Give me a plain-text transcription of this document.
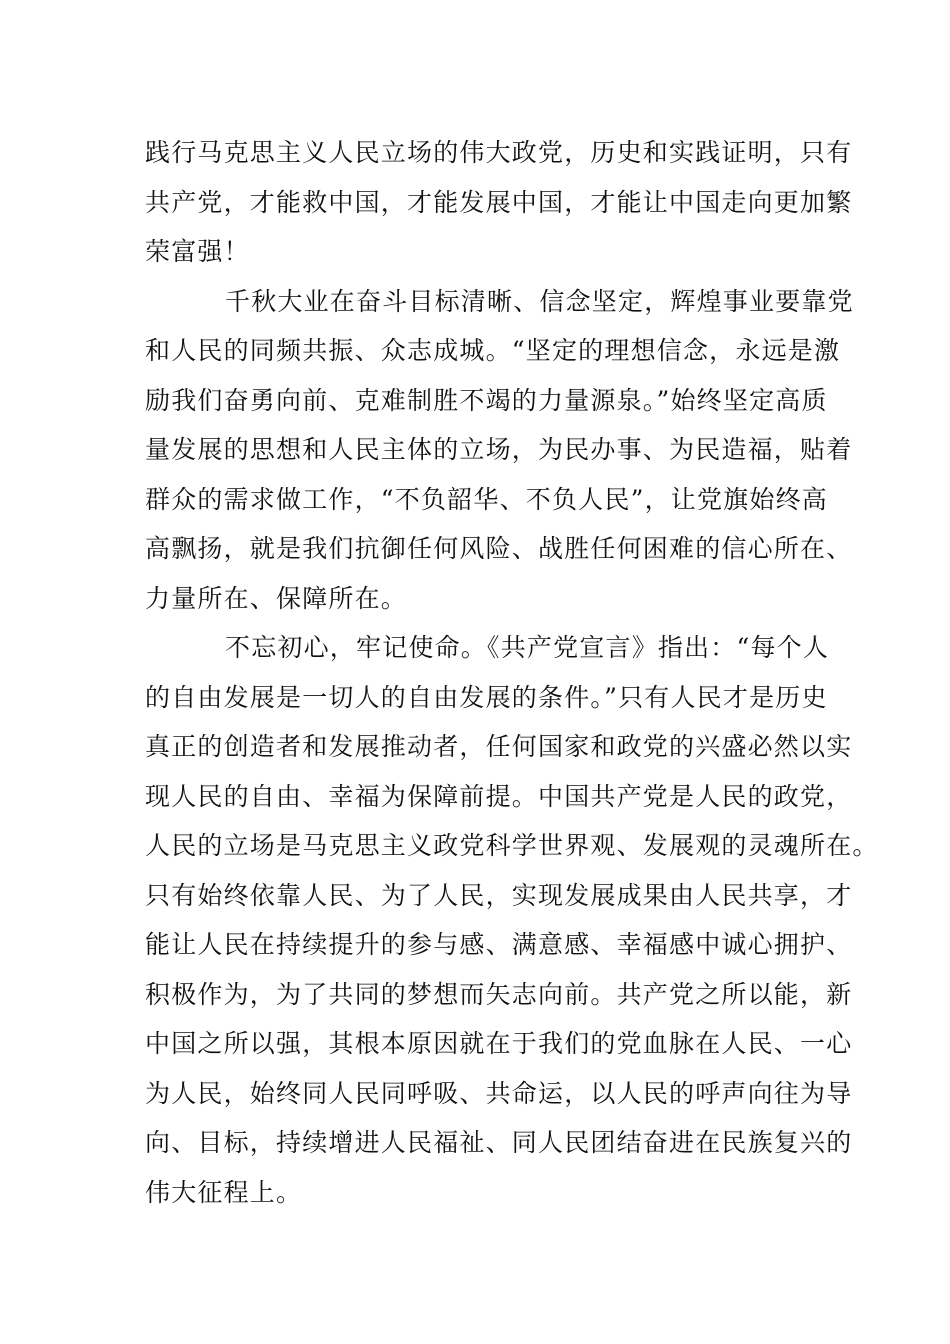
践行马克思主义人民立场的伟大政党，历史和实践证明，只有
共产党，才能救中国，才能发展中国，才能让中国走向更加繁
荣富强！
千秋大业在奋斗目标清晰、信念坚定，辉煌事业要靠党
和人民的同频共振、众志成城。“坚定的理想信念，永远是激
励我们奋勇向前、克难制胜不竭的力量源泉。”始终坚定高质
量发展的思想和人民主体的立场，为民办事、为民造福，贴着
群众的需求做工作，“不负韶华、不负人民”，让党旗始终高
高飘扬，就是我们抗御任何风险、战胜任何困难的信心所在、
力量所在、保障所在。
不忘初心，牢记使命。《共产党宣言》指出：“每个人
的自由发展是一切人的自由发展的条件。”只有人民才是历史
真正的创造者和发展推动者，任何国家和政党的兴盛必然以实
现人民的自由、幸福为保障前提。中国共产党是人民的政党，
人民的立场是马克思主义政党科学世界观、发展观的灵魂所在。
只有始终依靠人民、为了人民，实现发展成果由人民共享，才
能让人民在持续提升的参与感、满意感、幸福感中诚心拥护、
积极作为，为了共同的梦想而矢志向前。共产党之所以能，新
中国之所以强，其根本原因就在于我们的党血脉在人民、一心
为人民，始终同人民同呼吸、共命运，以人民的呼声向往为导
向、目标，持续增进人民福祉、同人民团结奋进在民族复兴的
伟大征程上。
